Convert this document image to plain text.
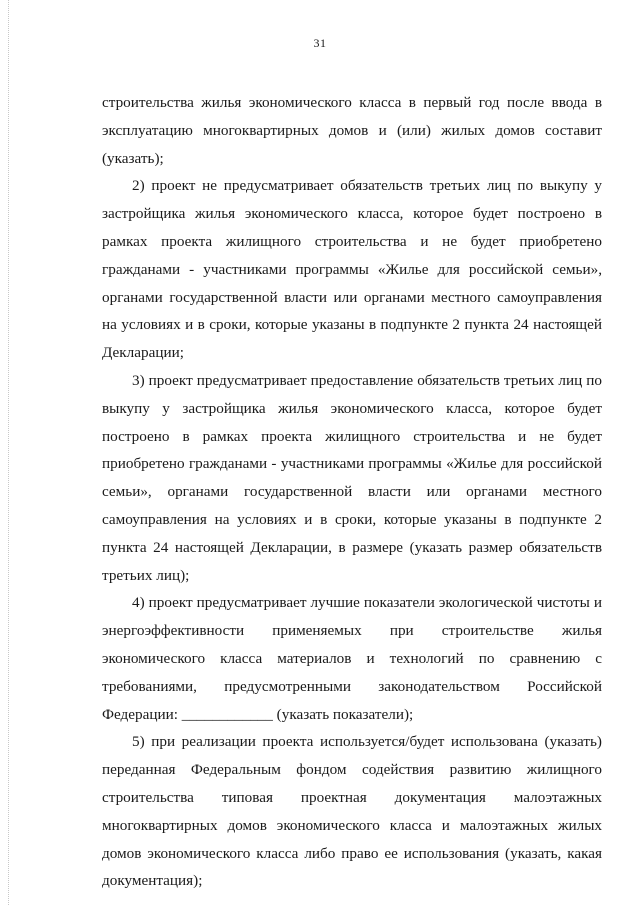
31

строительства жилья экономического класса в первый год после ввода в эксплуатацию многоквартирных домов и (или) жилых домов составит (указать);

2) проект не предусматривает обязательств третьих лиц по выкупу у застройщика жилья экономического класса, которое будет построено в рамках проекта жилищного строительства и не будет приобретено гражданами - участниками программы «Жилье для российской семьи», органами государственной власти или органами местного самоуправления на условиях и в сроки, которые указаны в подпункте 2 пункта 24 настоящей Декларации;

3) проект предусматривает предоставление обязательств третьих лиц по выкупу у застройщика жилья экономического класса, которое будет построено в рамках проекта жилищного строительства и не будет приобретено гражданами - участниками программы «Жилье для российской семьи», органами государственной власти или органами местного самоуправления на условиях и в сроки, которые указаны в подпункте 2 пункта 24 настоящей Декларации, в размере (указать размер обязательств третьих лиц);

4) проект предусматривает лучшие показатели экологической чистоты и энергоэффективности применяемых при строительстве жилья экономического класса материалов и технологий по сравнению с требованиями, предусмотренными законодательством Российской Федерации: ____________ (указать показатели);

5) при реализации проекта используется/будет использована (указать) переданная Федеральным фондом содействия развитию жилищного строительства типовая проектная документация малоэтажных многоквартирных домов экономического класса и малоэтажных жилых домов экономического класса либо право ее использования (указать, какая документация);
